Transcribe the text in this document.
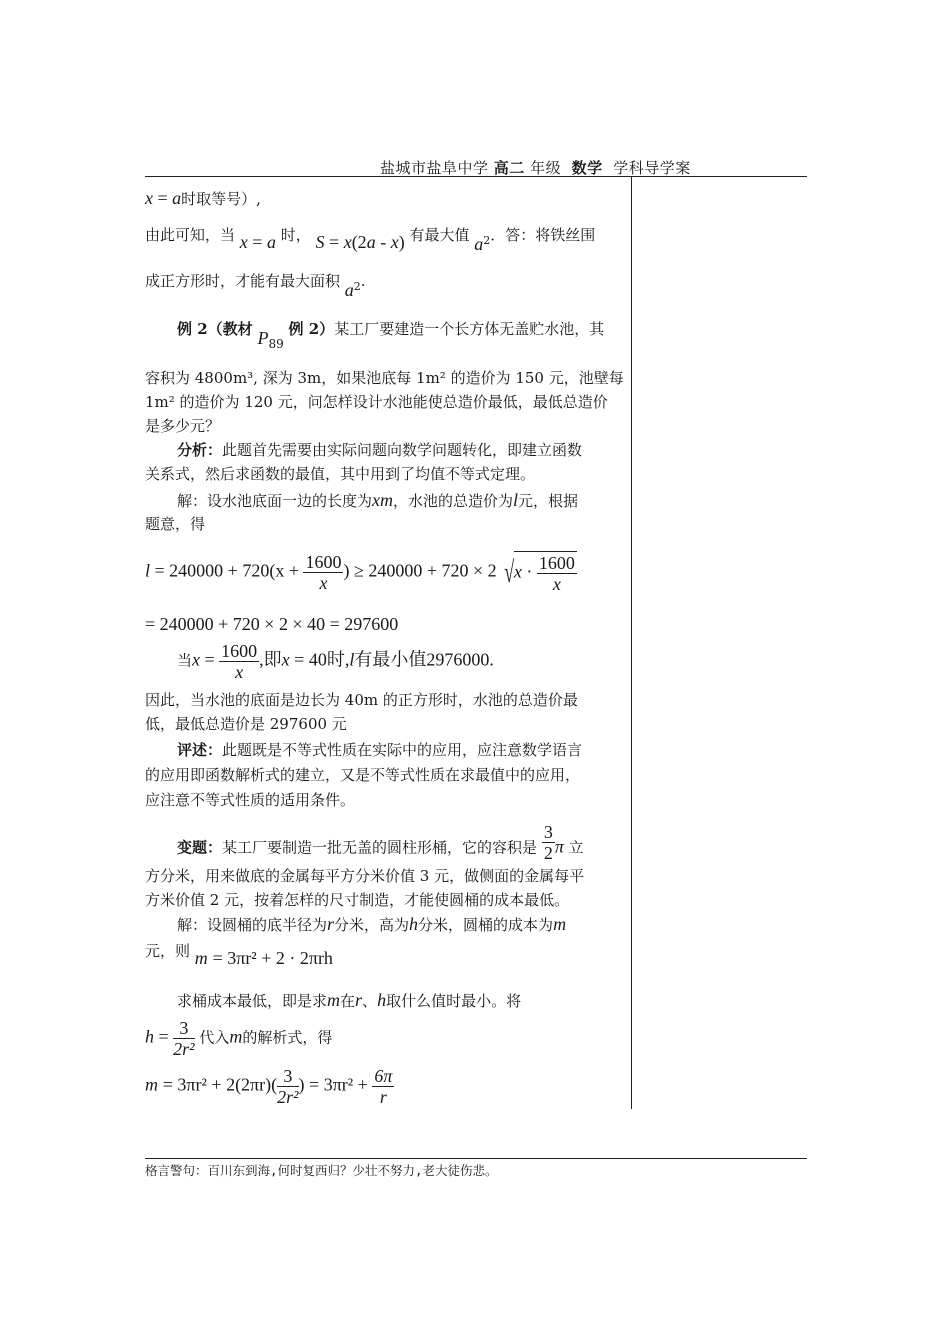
盐城市盐阜中学 高二 年级 数学 学科导学案
x = a时取等号）,
由此可知，当 x = a 时， S = x(2a - x) 有最大值 $a^2$．答：将铁丝围
成正方形时，才能有最大面积 $a^2$.
例 2（教材 $P_{89}$ 例 2）某工厂要建造一个长方体无盖贮水池，其
容积为 4800m³, 深为 3m，如果池底每 1m² 的造价为 150 元，池壁每
1m² 的造价为 120 元，问怎样设计水池能使总造价最低，最低总造价
是多少元？
分析：此题首先需要由实际问题向数学问题转化，即建立函数
关系式，然后求函数的最值，其中用到了均值不等式定理。
解：设水池底面一边的长度为xm，水池的总造价为l元，根据
题意，得
$l = 240000 + 720(x + \frac{1600}{x}$ ) ≥ 240000 + 720 × 2 $√x \cdot \frac{1600}{x}$
= 240000 + 720 × 2 × 40 = 297600
当$x = \frac{1600}{x}$ ,即x = 40时,l有最小值2976000.
因此，当水池的底面是边长为 40m 的正方形时，水池的总造价最
低，最低总造价是 297600 元
评述：此题既是不等式性质在实际中的应用，应注意数学语言
的应用即函数解析式的建立，又是不等式性质在求最值中的应用，
应注意不等式性质的适用条件。
变题：某工厂要制造一批无盖的圆柱形桶，它的容积是 $\frac{3}{2}$ π 立
方分米，用来做底的金属每平方分米价值 3 元，做侧面的金属每平
方米价值 2 元，按着怎样的尺寸制造，才能使圆桶的成本最低。
解：设圆桶的底半径为r分米，高为h分米，圆桶的成本为m
元，则 m = 3πr² + 2 · 2πrh
求桶成本最低，即是求m在r、h取什么值时最小。将
$h = \frac{3}{\text{2r²}}$ 代入m的解析式，得
$m = 3\pi r^2 + 2(2\pi r)( \frac{3}{\text{2r²}}$ ) = $3\pi r^2 + \frac{6\pi}{r}$
格言警句：百川东到海,何时复西归？少壮不努力,老大徒伤悲。
